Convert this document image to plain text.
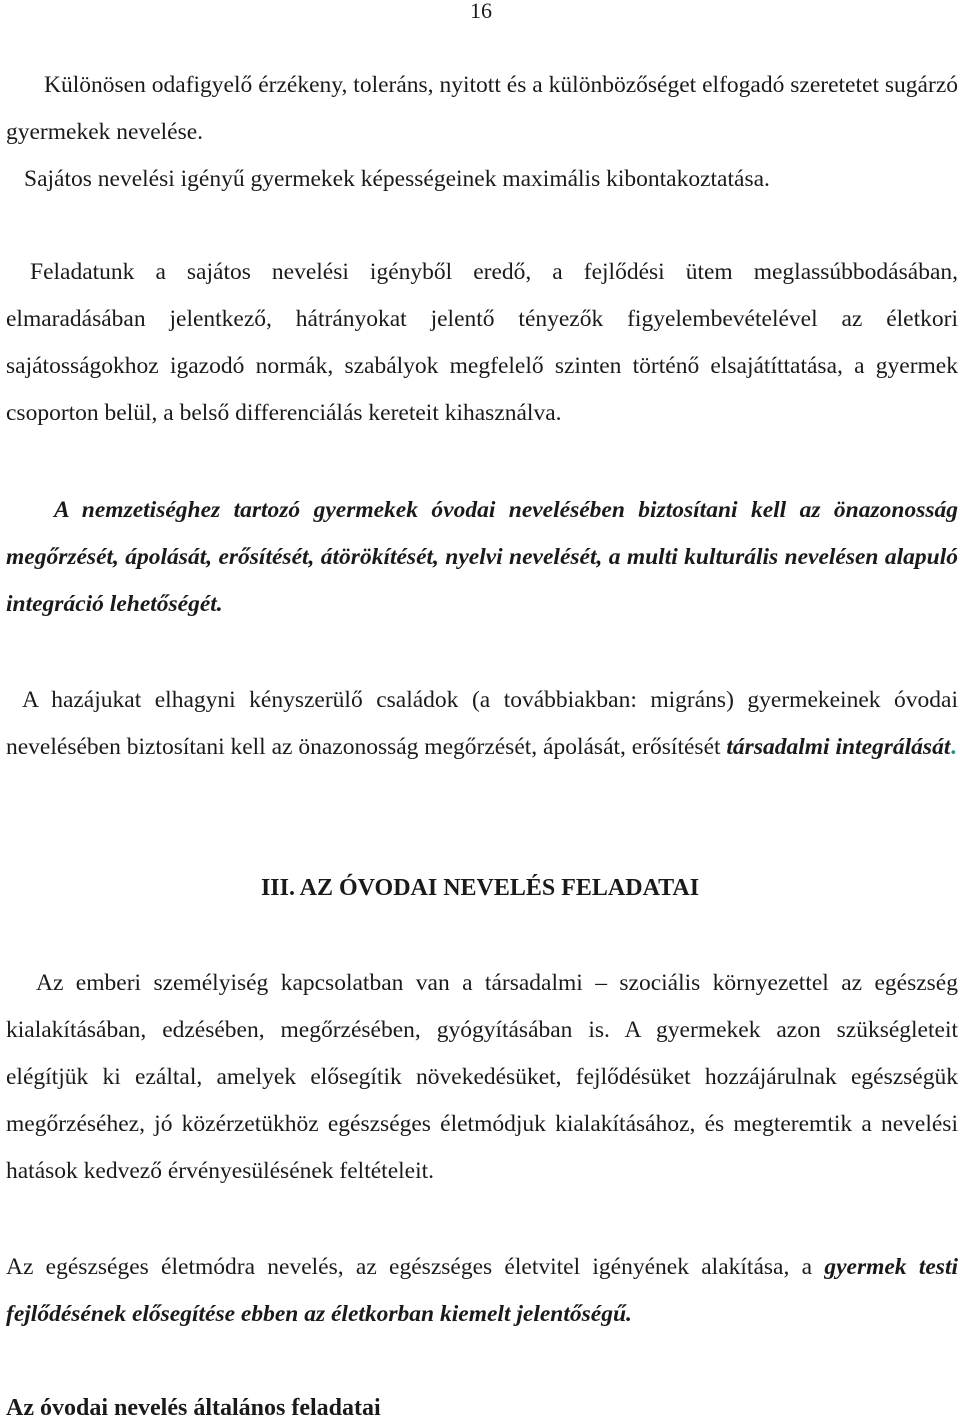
16

Különösen odafigyelő érzékeny, toleráns, nyitott és a különbözőséget elfogadó szeretetet sugárzó gyermekek nevelése.

Sajátos nevelési igényű gyermekek képességeinek maximális kibontakoztatása.

Feladatunk a sajátos nevelési igényből eredő, a fejlődési ütem meglassúbbodásában, elmaradásában jelentkező, hátrányokat jelentő tényezők figyelembevételével az életkori sajátosságokhoz igazodó normák, szabályok megfelelő szinten történő elsajátíttatása, a gyermek csoporton belül, a belső differenciálás kereteit kihasználva.

A nemzetiséghez tartozó gyermekek óvodai nevelésében biztosítani kell az önazonosság megőrzését, ápolását, erősítését, átörökítését, nyelvi nevelését, a multi kulturális nevelésen alapuló integráció lehetőségét.

A hazájukat elhagyni kényszerülő családok (a továbbiakban: migráns) gyermekeinek óvodai nevelésében biztosítani kell az önazonosság megőrzését, ápolását, erősítését társadalmi integrálását.

III. AZ ÓVODAI NEVELÉS FELADATAI

Az emberi személyiség kapcsolatban van a társadalmi – szociális környezettel az egészség kialakításában, edzésében, megőrzésében, gyógyításában is. A gyermekek azon szükségleteit elégítjük ki ezáltal, amelyek elősegítik növekedésüket, fejlődésüket hozzájárulnak egészségük megőrzéséhez, jó közérzetükhöz egészséges életmódjuk kialakításához, és megteremtik a nevelési hatások kedvező érvényesülésének feltételeit.

Az egészséges életmódra nevelés, az egészséges életvitel igényének alakítása, a gyermek testi fejlődésének elősegítése ebben az életkorban kiemelt jelentőségű.

Az óvodai nevelés általános feladatai
